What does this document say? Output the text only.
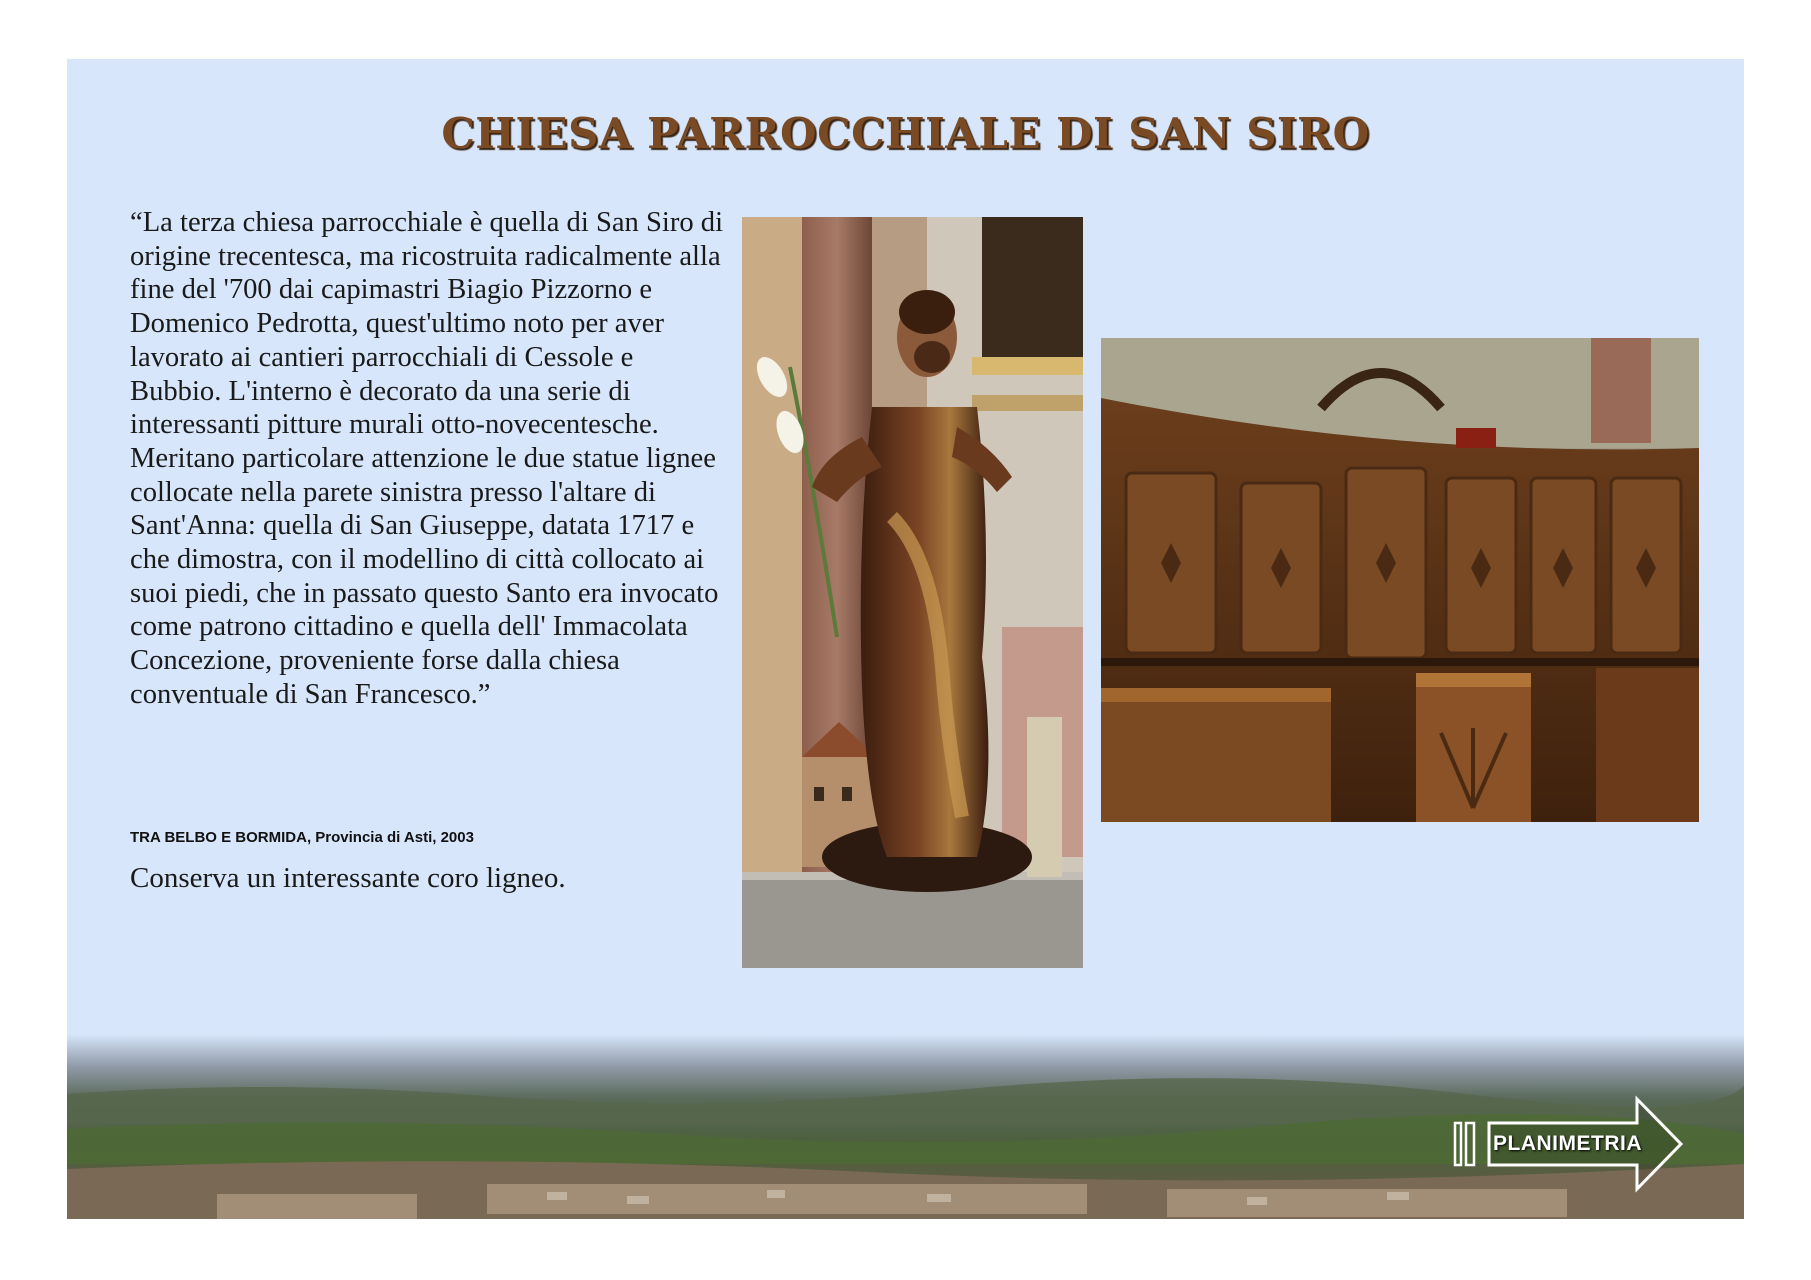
CHIESA PARROCCHIALE DI SAN SIRO

“La terza chiesa parrocchiale è quella di San Siro di origine trecentesca, ma ricostruita radicalmente alla fine del '700 dai capimastri Biagio Pizzorno e Domenico Pedrotta, quest'ultimo noto per aver lavorato ai cantieri parrocchiali di Cessole e Bubbio. L'interno è decorato da una serie di interessanti pitture murali otto-novecentesche. Meritano particolare attenzione le due statue lignee collocate nella parete sinistra presso l'altare di Sant'Anna: quella di San Giuseppe, datata 1717 e che dimostra, con il modellino di città collocato ai suoi piedi, che in passato questo Santo era invocato come patrono cittadino e quella dell' Immacolata Concezione, proveniente forse dalla chiesa conventuale di San Francesco.”

TRA BELBO E BORMIDA, Provincia di Asti, 2003
Conserva un interessante coro ligneo.
PLANIMETRIA
